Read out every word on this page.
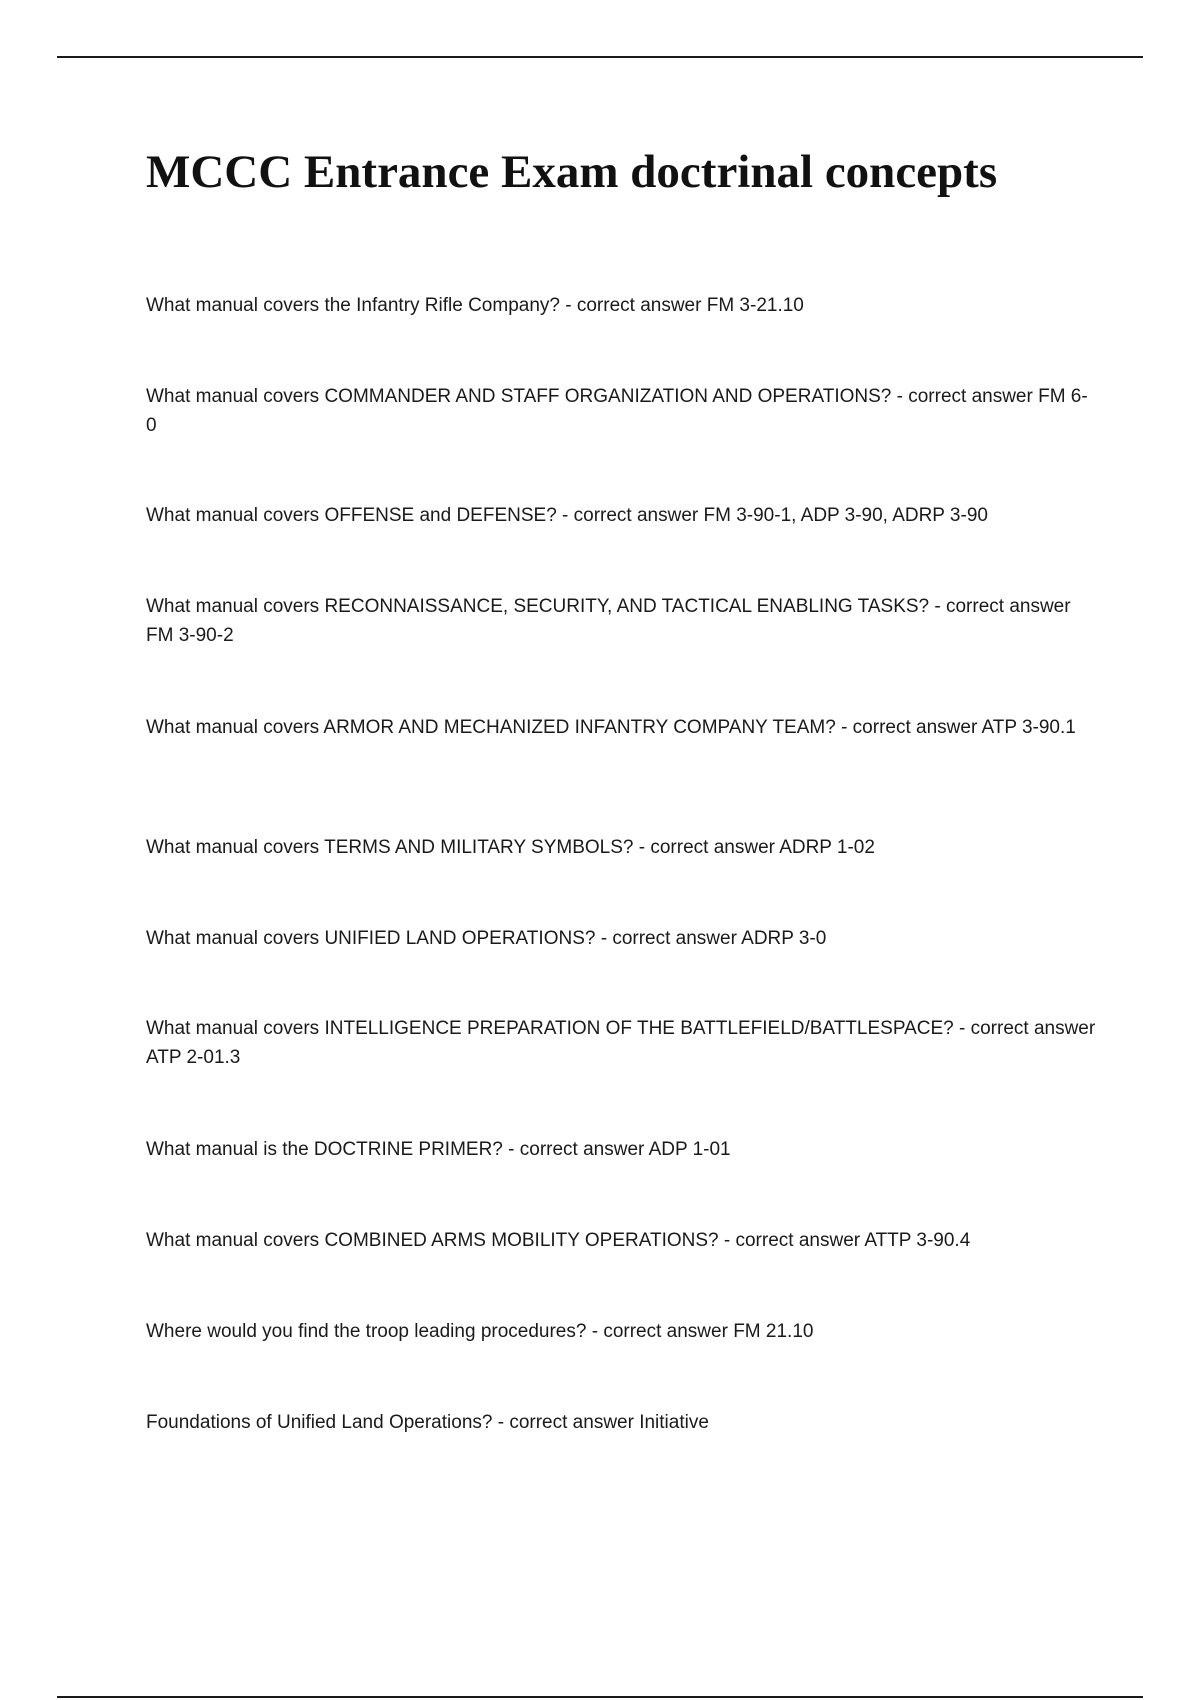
MCCC Entrance Exam doctrinal concepts

What manual covers the Infantry Rifle Company? - correct answer FM 3-21.10

What manual covers COMMANDER AND STAFF ORGANIZATION AND OPERATIONS? - correct answer FM 6-0

What manual covers OFFENSE and DEFENSE? - correct answer FM 3-90-1, ADP 3-90, ADRP 3-90

What manual covers RECONNAISSANCE, SECURITY, AND TACTICAL ENABLING TASKS? - correct answer FM 3-90-2

What manual covers ARMOR AND MECHANIZED INFANTRY COMPANY TEAM? - correct answer ATP 3-90.1

What manual covers TERMS AND MILITARY SYMBOLS? - correct answer ADRP 1-02

What manual covers UNIFIED LAND OPERATIONS? - correct answer ADRP 3-0

What manual covers INTELLIGENCE PREPARATION OF THE BATTLEFIELD/BATTLESPACE? - correct answer ATP 2-01.3

What manual is the DOCTRINE PRIMER? - correct answer ADP 1-01

What manual covers COMBINED ARMS MOBILITY OPERATIONS? - correct answer ATTP 3-90.4

Where would you find the troop leading procedures? - correct answer FM 21.10

Foundations of Unified Land Operations? - correct answer Initiative
